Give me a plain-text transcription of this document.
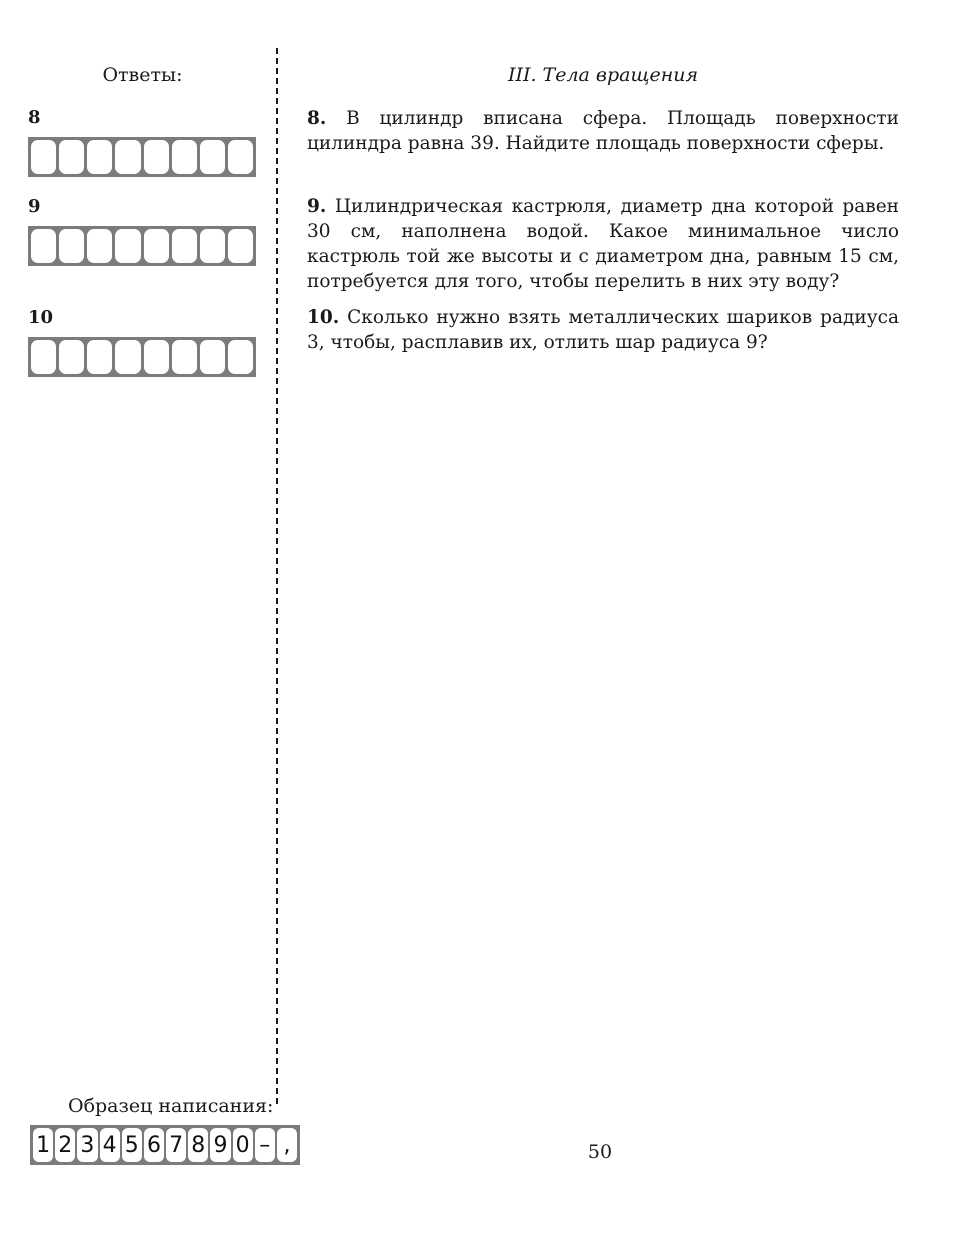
Ответы:	III. Тела вращения
8
9
10
8. В цилиндр вписана сфера. Площадь поверхности цилиндра равна 39. Найдите площадь поверхности сферы.
9. Цилиндрическая кастрюля, диаметр дна которой равен 30 см, наполнена водой. Какое минимальное число кастрюль той же высоты и с диаметром дна, равным 15 см, потребуется для того, чтобы перелить в них эту воду?
10. Сколько нужно взять металлических шариков радиуса 3, чтобы, расплавив их, отлить шар радиуса 9?
Образец написания:
1 2 3 4 5 6 7 8 9 0 – ,	50
